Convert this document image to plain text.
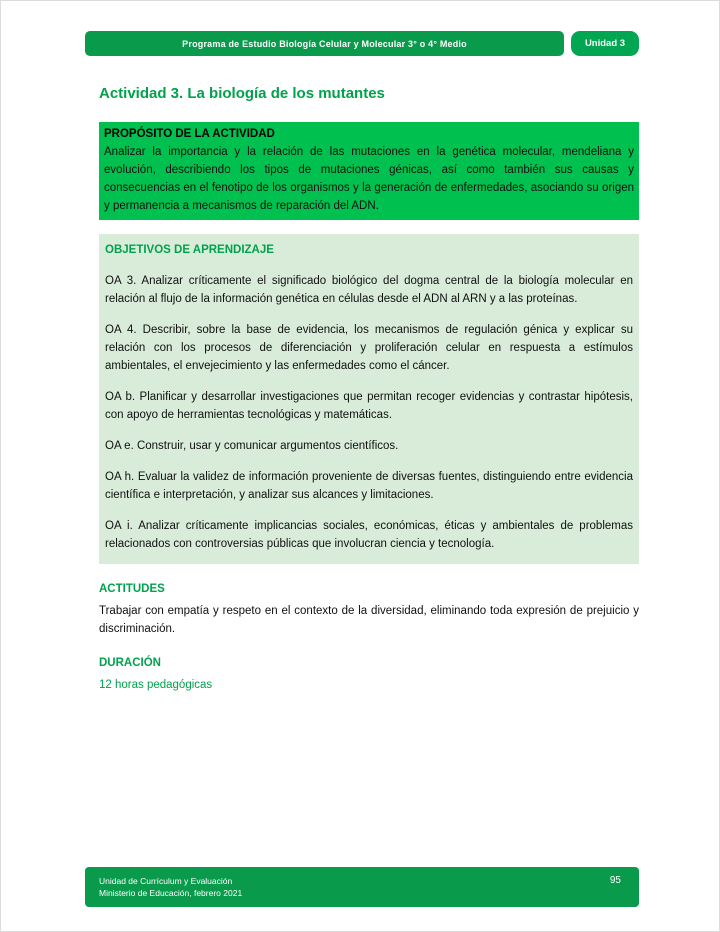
Programa de Estudio Biología Celular y Molecular 3° o 4° Medio	Unidad 3
Actividad 3. La biología de los mutantes
PROPÓSITO DE LA ACTIVIDAD

Analizar la importancia y la relación de las mutaciones en la genética molecular, mendeliana y evolución, describiendo los tipos de mutaciones génicas, así como también sus causas y consecuencias en el fenotipo de los organismos y la generación de enfermedades, asociando su origen y permanencia a mecanismos de reparación del ADN.

OBJETIVOS DE APRENDIZAJE

OA 3. Analizar críticamente el significado biológico del dogma central de la biología molecular en relación al flujo de la información genética en células desde el ADN al ARN y a las proteínas.

OA 4. Describir, sobre la base de evidencia, los mecanismos de regulación génica y explicar su relación con los procesos de diferenciación y proliferación celular en respuesta a estímulos ambientales, el envejecimiento y las enfermedades como el cáncer.

OA b. Planificar y desarrollar investigaciones que permitan recoger evidencias y contrastar hipótesis, con apoyo de herramientas tecnológicas y matemáticas.

OA e. Construir, usar y comunicar argumentos científicos.

OA h. Evaluar la validez de información proveniente de diversas fuentes, distinguiendo entre evidencia científica e interpretación, y analizar sus alcances y limitaciones.

OA i. Analizar críticamente implicancias sociales, económicas, éticas y ambientales de problemas relacionados con controversias públicas que involucran ciencia y tecnología.

ACTITUDES

Trabajar con empatía y respeto en el contexto de la diversidad, eliminando toda expresión de prejuicio y discriminación.

DURACIÓN

12 horas pedagógicas

Unidad de Currículum y Evaluación
Ministerio de Educación, febrero 2021
95
